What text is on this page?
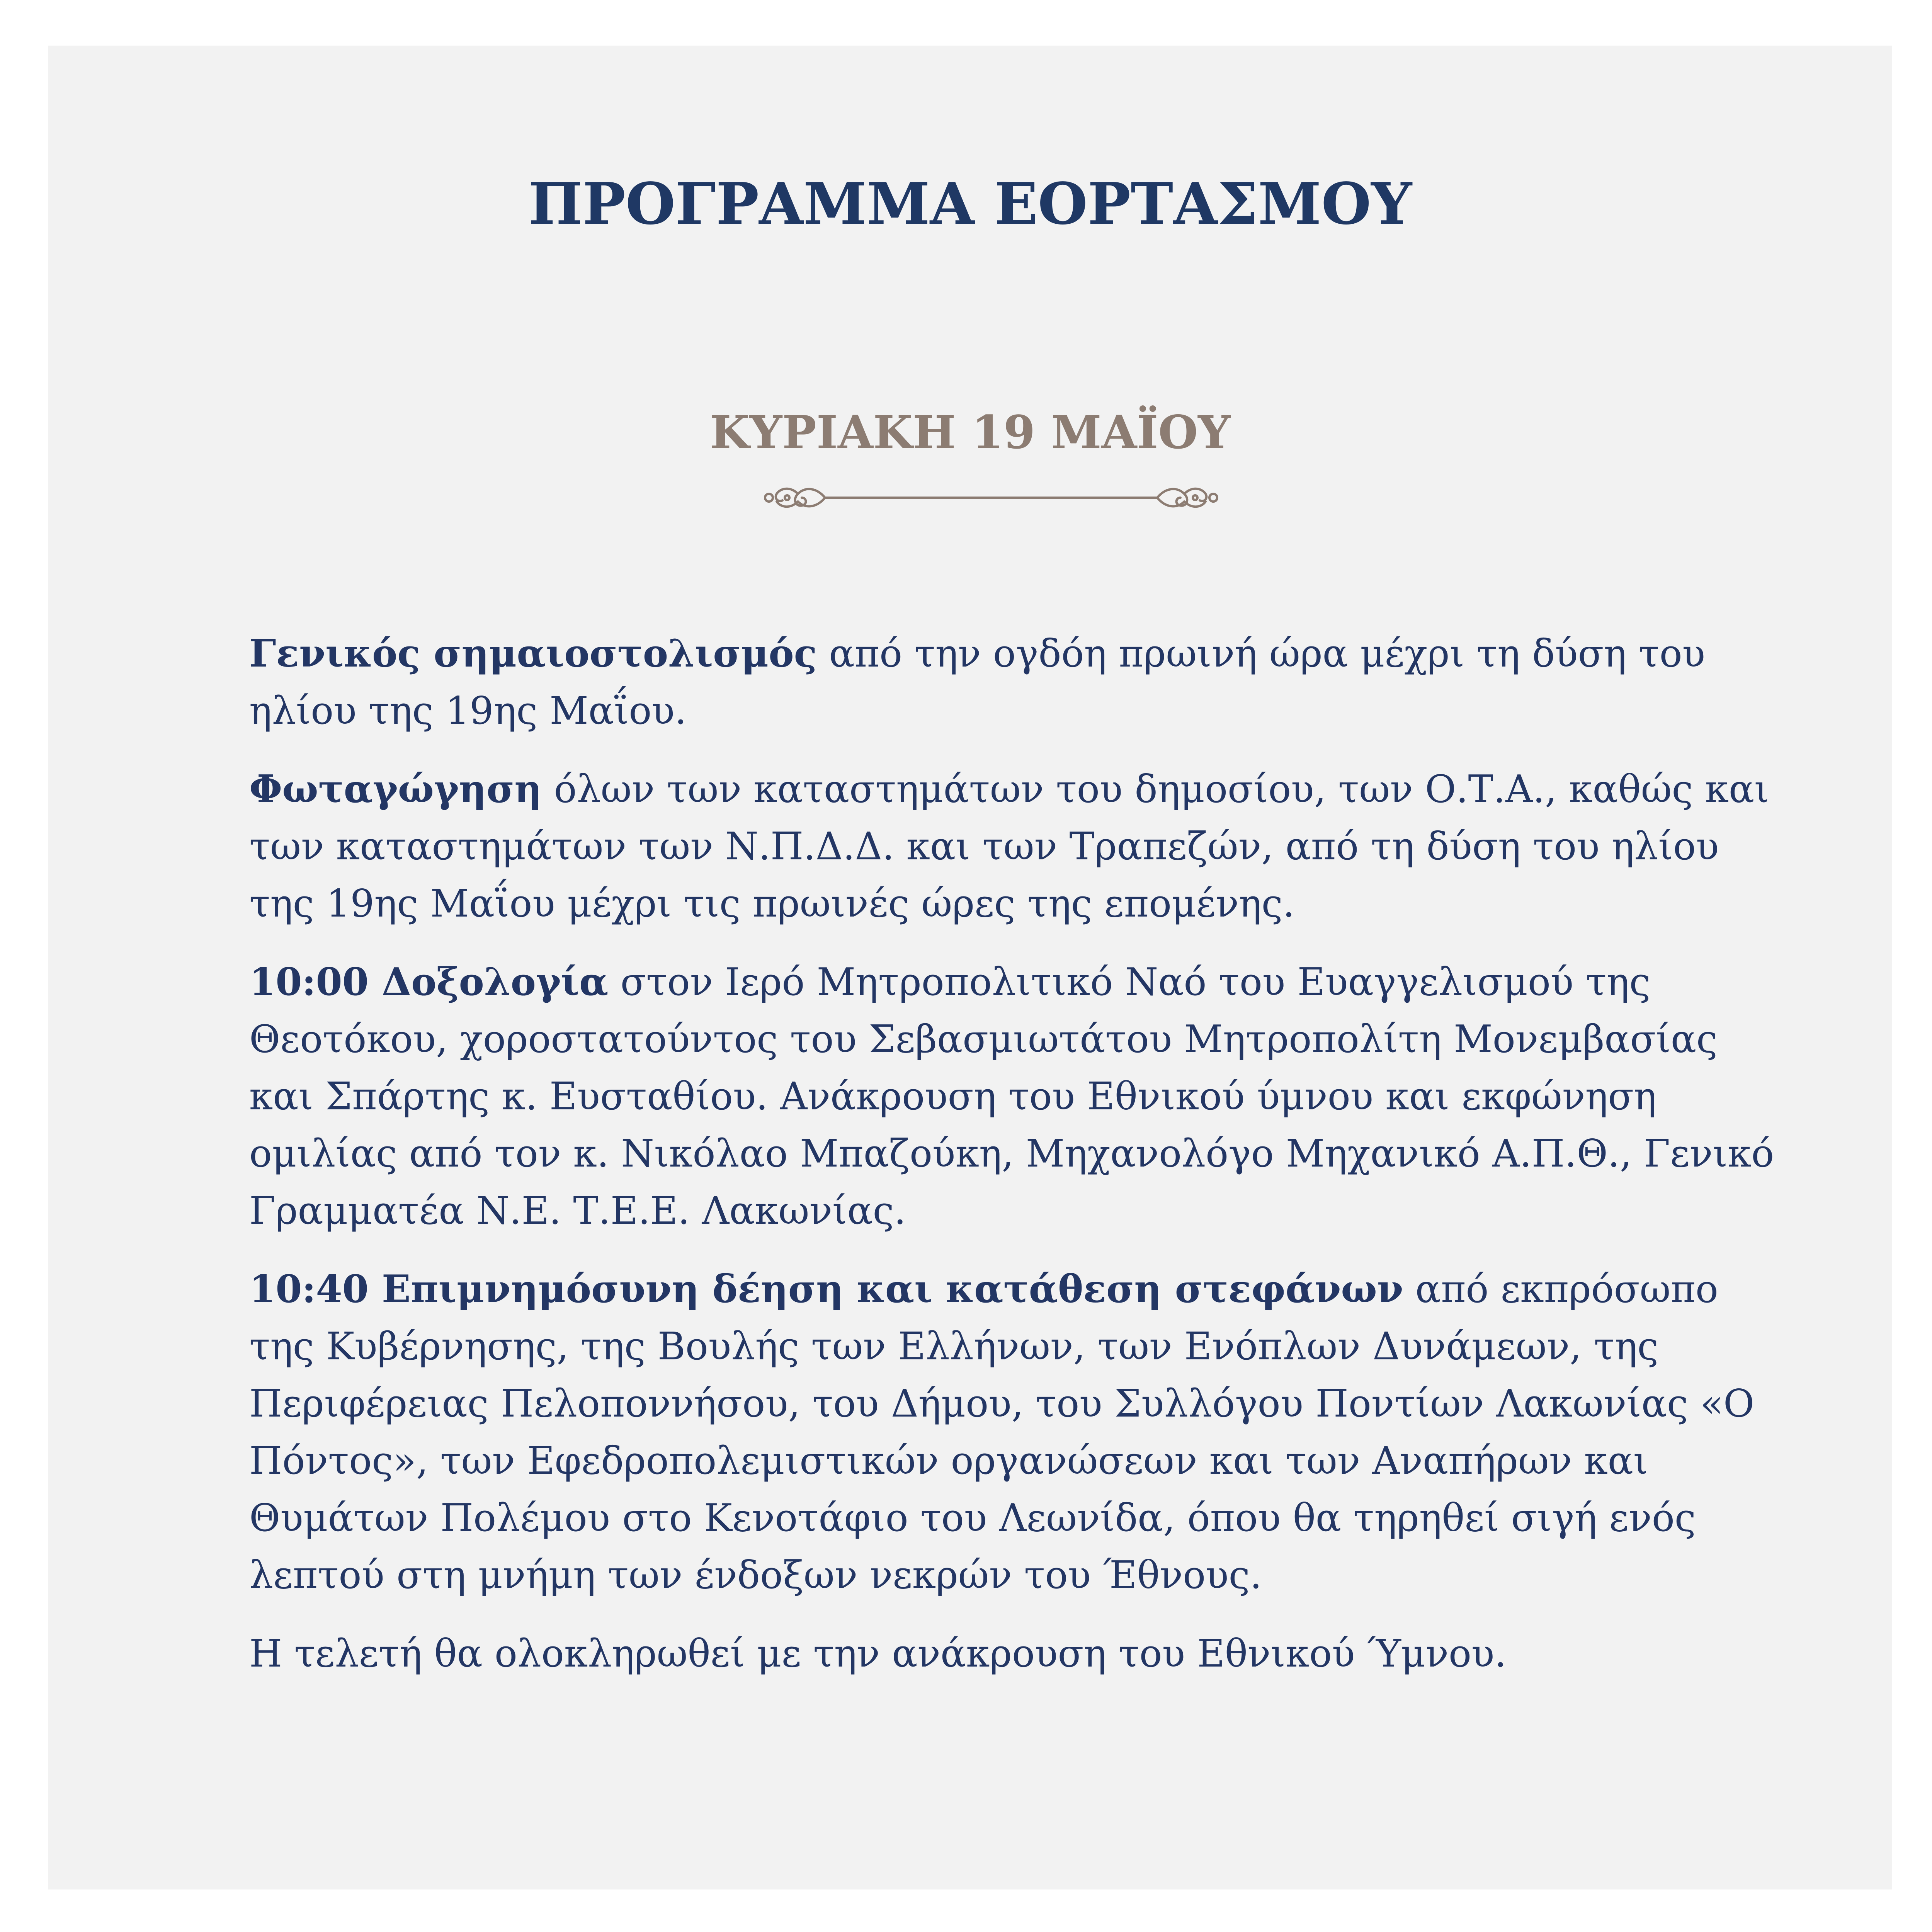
ΠΡΟΓΡΑΜΜΑ ΕΟΡΤΑΣΜΟΥ
ΚΥΡΙΑΚΗ 19 ΜΑΪΟΥ

Γενικός σημαιοστολισμός από την ογδόη πρωινή ώρα μέχρι τη δύση του ηλίου της 19ης Μαΐου.

Φωταγώγηση όλων των καταστημάτων του δημοσίου, των Ο.Τ.Α., καθώς και των καταστημάτων των Ν.Π.Δ.Δ. και των Τραπεζών, από τη δύση του ηλίου της 19ης Μαΐου μέχρι τις πρωινές ώρες της επομένης.

10:00 Δοξολογία στον Ιερό Μητροπολιτικό Ναό του Ευαγγελισμού της Θεοτόκου, χοροστατούντος του Σεβασμιωτάτου Μητροπολίτη Μονεμβασίας και Σπάρτης κ. Ευσταθίου. Ανάκρουση του Εθνικού ύμνου και εκφώνηση ομιλίας από τον κ. Νικόλαο Μπαζούκη, Μηχανολόγο Μηχανικό Α.Π.Θ., Γενικό Γραμματέα Ν.Ε. Τ.Ε.Ε. Λακωνίας.

10:40 Επιμνημόσυνη δέηση και κατάθεση στεφάνων από εκπρόσωπο της Κυβέρνησης, της Βουλής των Ελλήνων, των Ενόπλων Δυνάμεων, της Περιφέρειας Πελοποννήσου, του Δήμου, του Συλλόγου Ποντίων Λακωνίας «Ο Πόντος», των Εφεδροπολεμιστικών οργανώσεων και των Αναπήρων και Θυμάτων Πολέμου στο Κενοτάφιο του Λεωνίδα, όπου θα τηρηθεί σιγή ενός λεπτού στη μνήμη των ένδοξων νεκρών του Έθνους.

Η τελετή θα ολοκληρωθεί με την ανάκρουση του Εθνικού Ύμνου.
